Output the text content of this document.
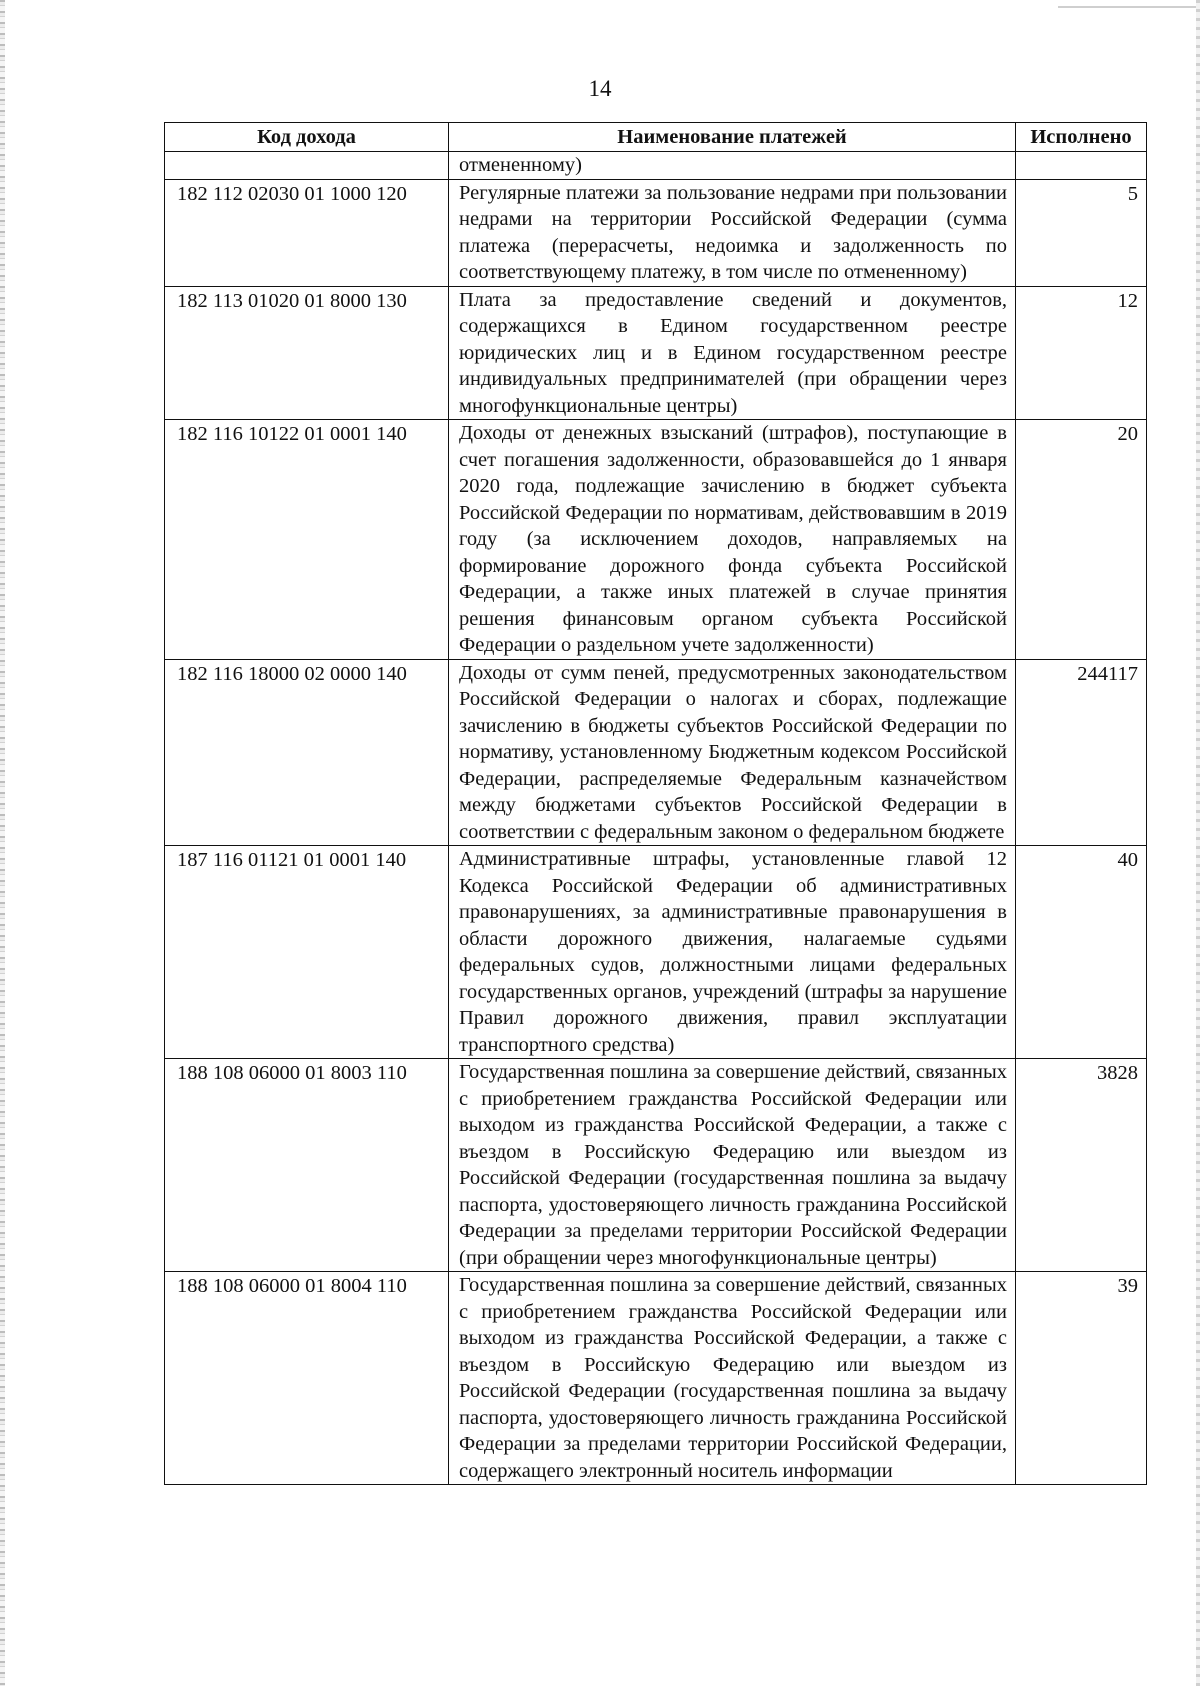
14
Код дохода	Наименование платежей	Исполнено
	отмененному)	
182 112 02030 01 1000 120	Регулярные платежи за пользование недрами при пользовании недрами на территории Российской Федерации (сумма платежа (перерасчеты, недоимка и задолженность по соответствующему платежу, в том числе по отмененному)	5
182 113 01020 01 8000 130	Плата за предоставление сведений и документов, содержащихся в Едином государственном реестре юридических лиц и в Едином государственном реестре индивидуальных предпринимателей (при обращении через многофункциональные центры)	12
182 116 10122 01 0001 140	Доходы от денежных взысканий (штрафов), поступающие в счет погашения задолженности, образовавшейся до 1 января 2020 года, подлежащие зачислению в бюджет субъекта Российской Федерации по нормативам, действовавшим в 2019 году (за исключением доходов, направляемых на формирование дорожного фонда субъекта Российской Федерации, а также иных платежей в случае принятия решения финансовым органом субъекта Российской Федерации о раздельном учете задолженности)	20
182 116 18000 02 0000 140	Доходы от сумм пеней, предусмотренных законодательством Российской Федерации о налогах и сборах, подлежащие зачислению в бюджеты субъектов Российской Федерации по нормативу, установленному Бюджетным кодексом Российской Федерации, распределяемые Федеральным казначейством между бюджетами субъектов Российской Федерации в соответствии с федеральным законом о федеральном бюджете	244117
187 116 01121 01 0001 140	Административные штрафы, установленные главой 12 Кодекса Российской Федерации об административных правонарушениях, за административные правонарушения в области дорожного движения, налагаемые судьями федеральных судов, должностными лицами федеральных государственных органов, учреждений (штрафы за нарушение Правил дорожного движения, правил эксплуатации транспортного средства)	40
188 108 06000 01 8003 110	Государственная пошлина за совершение действий, связанных с приобретением гражданства Российской Федерации или выходом из гражданства Российской Федерации, а также с въездом в Российскую Федерацию или выездом из Российской Федерации (государственная пошлина за выдачу паспорта, удостоверяющего личность гражданина Российской Федерации за пределами территории Российской Федерации (при обращении через многофункциональные центры)	3828
188 108 06000 01 8004 110	Государственная пошлина за совершение действий, связанных с приобретением гражданства Российской Федерации или выходом из гражданства Российской Федерации, а также с въездом в Российскую Федерацию или выездом из Российской Федерации (государственная пошлина за выдачу паспорта, удостоверяющего личность гражданина Российской Федерации за пределами территории Российской Федерации, содержащего электронный носитель информации	39
